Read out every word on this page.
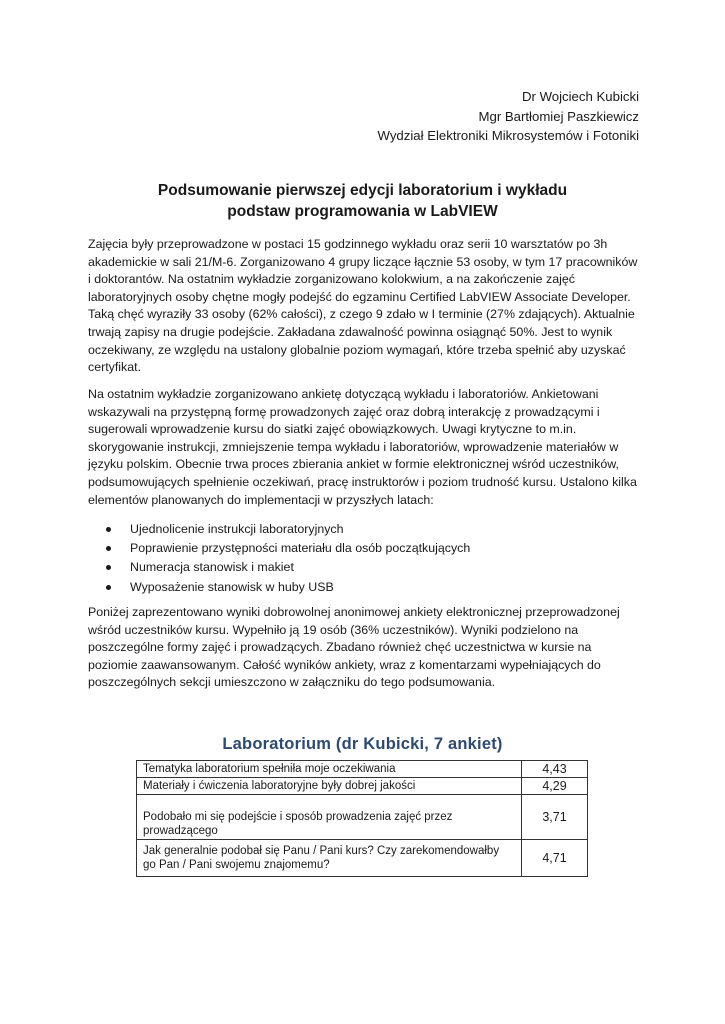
Dr Wojciech Kubicki
Mgr Bartłomiej Paszkiewicz
Wydział Elektroniki Mikrosystemów i Fotoniki
Podsumowanie pierwszej edycji laboratorium i wykładu
podstaw programowania w LabVIEW

Zajęcia były przeprowadzone w postaci 15 godzinnego wykładu oraz serii 10 warsztatów po 3h akademickie w sali 21/M-6. Zorganizowano 4 grupy liczące łącznie 53 osoby, w tym 17 pracowników i doktorantów. Na ostatnim wykładzie zorganizowano kolokwium, a na zakończenie zajęć laboratoryjnych osoby chętne mogły podejść do egzaminu Certified LabVIEW Associate Developer. Taką chęć wyraziły 33 osoby (62% całości), z czego 9 zdało w I terminie (27% zdających). Aktualnie trwają zapisy na drugie podejście. Zakładana zdawalność powinna osiągnąć 50%. Jest to wynik oczekiwany, ze względu na ustalony globalnie poziom wymagań, które trzeba spełnić aby uzyskać certyfikat.

Na ostatnim wykładzie zorganizowano ankietę dotyczącą wykładu i laboratoriów. Ankietowani wskazywali na przystępną formę prowadzonych zajęć oraz dobrą interakcję z prowadzącymi i sugerowali wprowadzenie kursu do siatki zajęć obowiązkowych. Uwagi krytyczne to m.in. skorygowanie instrukcji, zmniejszenie tempa wykładu i laboratoriów, wprowadzenie materiałów w języku polskim. Obecnie trwa proces zbierania ankiet w formie elektronicznej wśród uczestników, podsumowujących spełnienie oczekiwań, pracę instruktorów i poziom trudność kursu. Ustalono kilka elementów planowanych do implementacji w przyszłych latach:

Ujednolicenie instrukcji laboratoryjnych
Poprawienie przystępności materiału dla osób początkujących
Numeracja stanowisk i makiet
Wyposażenie stanowisk w huby USB

Poniżej zaprezentowano wyniki dobrowolnej anonimowej ankiety elektronicznej przeprowadzonej wśród uczestników kursu. Wypełniło ją 19 osób (36% uczestników). Wyniki podzielono na poszczególne formy zajęć i prowadzących. Zbadano również chęć uczestnictwa w kursie na poziomie zaawansowanym. Całość wyników ankiety, wraz z komentarzami wypełniających do poszczególnych sekcji umieszczono w załączniku do tego podsumowania.

Laboratorium (dr Kubicki, 7 ankiet)
Tematyka laboratorium spełniła moje oczekiwania	4,43
Materiały i ćwiczenia laboratoryjne były dobrej jakości	4,29
Podobało mi się podejście i sposób prowadzenia zajęć przez prowadzącego	3,71
Jak generalnie podobał się Panu / Pani kurs? Czy zarekomendowałby go Pan / Pani swojemu znajomemu?	4,71
